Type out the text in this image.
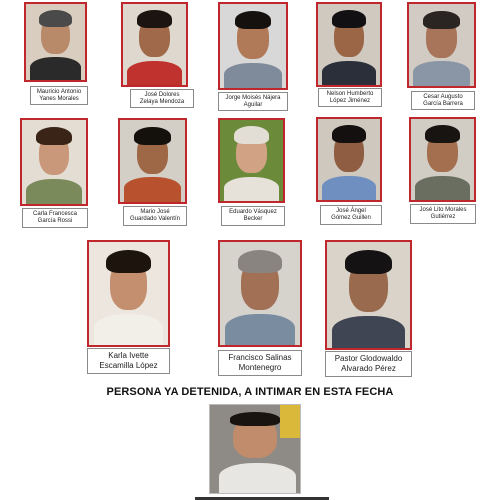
Mauricio Antonio
Yanes Morales
José Dolores
Zelaya Mendoza
Jorge Moisés Nájera
Aguilar
Nelson Humberto
López Jiménez
Cesar Augusto
García Barrera
Carla Francesca
García Rossi
Mario José
Guardado Valentín
Eduardo Vásquez
Becker
José Ángel
Gómez Guillen
José Lito Morales
Gutiérrez
Karla Ivette
Escamilla López
Francisco Salinas
Montenegro
Pastor Glodowaldo
Alvarado Pérez
PERSONA YA DETENIDA, A INTIMAR EN ESTA FECHA
